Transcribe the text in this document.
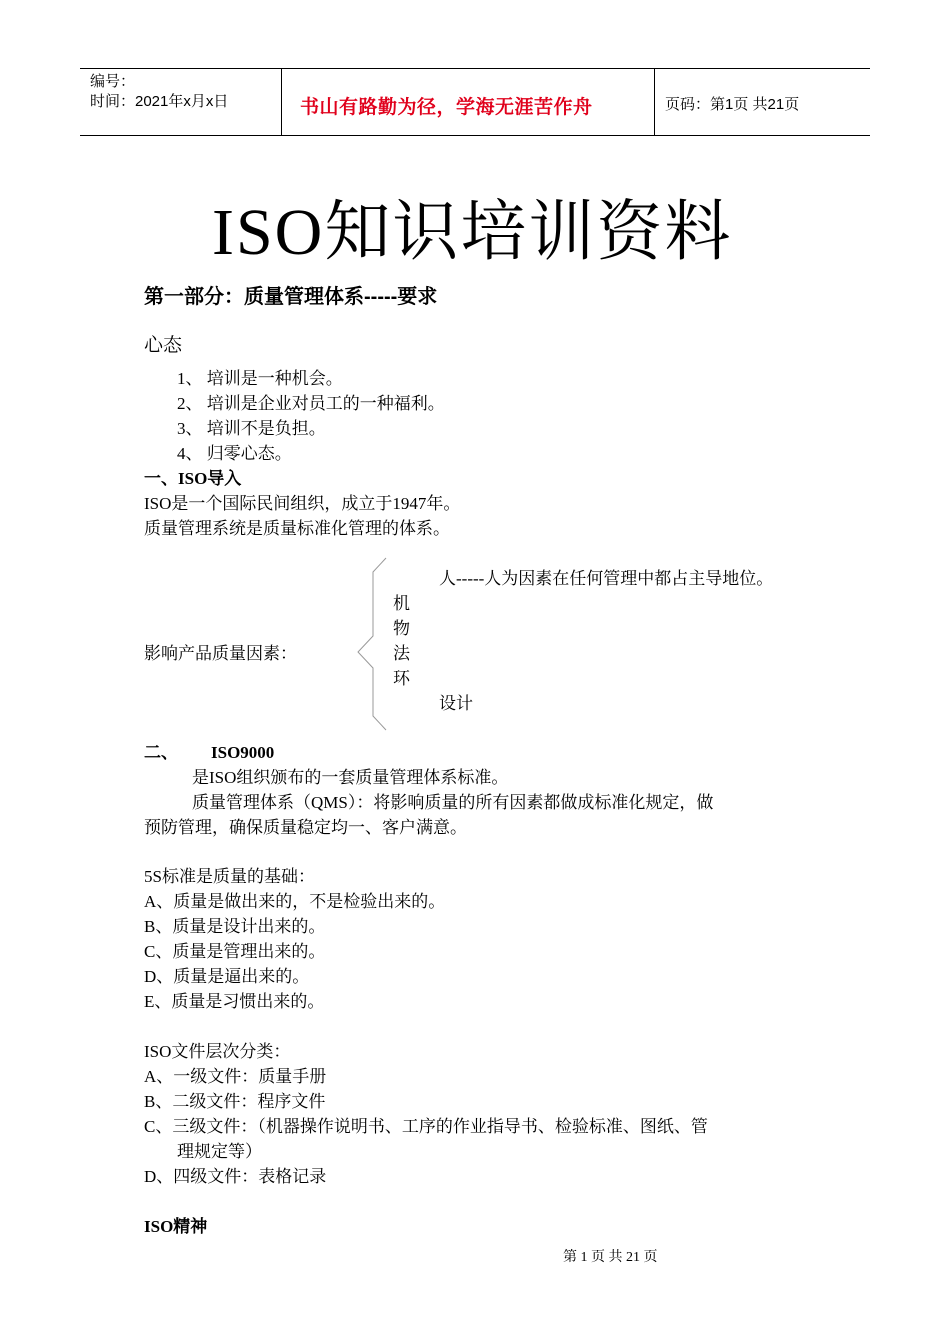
编号：
时间：2021年x月x日	书山有路勤为径，学海无涯苦作舟	页码：第1页 共21页
ISO知识培训资料
第一部分：质量管理体系-----要求
心态
1、 培训是一种机会。
2、 培训是企业对员工的一种福利。
3、 培训不是负担。
4、 归零心态。
一、ISO导入
ISO是一个国际民间组织，成立于1947年。
质量管理系统是质量标准化管理的体系。
影响产品质量因素：
人-----人为因素在任何管理中都占主导地位。
机
物
法
环
设计
二、 ISO9000
是ISO组织颁布的一套质量管理体系标准。
质量管理体系（QMS）：将影响质量的所有因素都做成标准化规定，做
预防管理，确保质量稳定均一、客户满意。
5S标准是质量的基础：
A、质量是做出来的，不是检验出来的。
B、质量是设计出来的。
C、质量是管理出来的。
D、质量是逼出来的。
E、质量是习惯出来的。
ISO文件层次分类：
A、一级文件：质量手册
B、二级文件：程序文件
C、三级文件：（机器操作说明书、工序的作业指导书、检验标准、图纸、管
理规定等）
D、四级文件：表格记录
ISO精神
第 1 页 共 21 页
